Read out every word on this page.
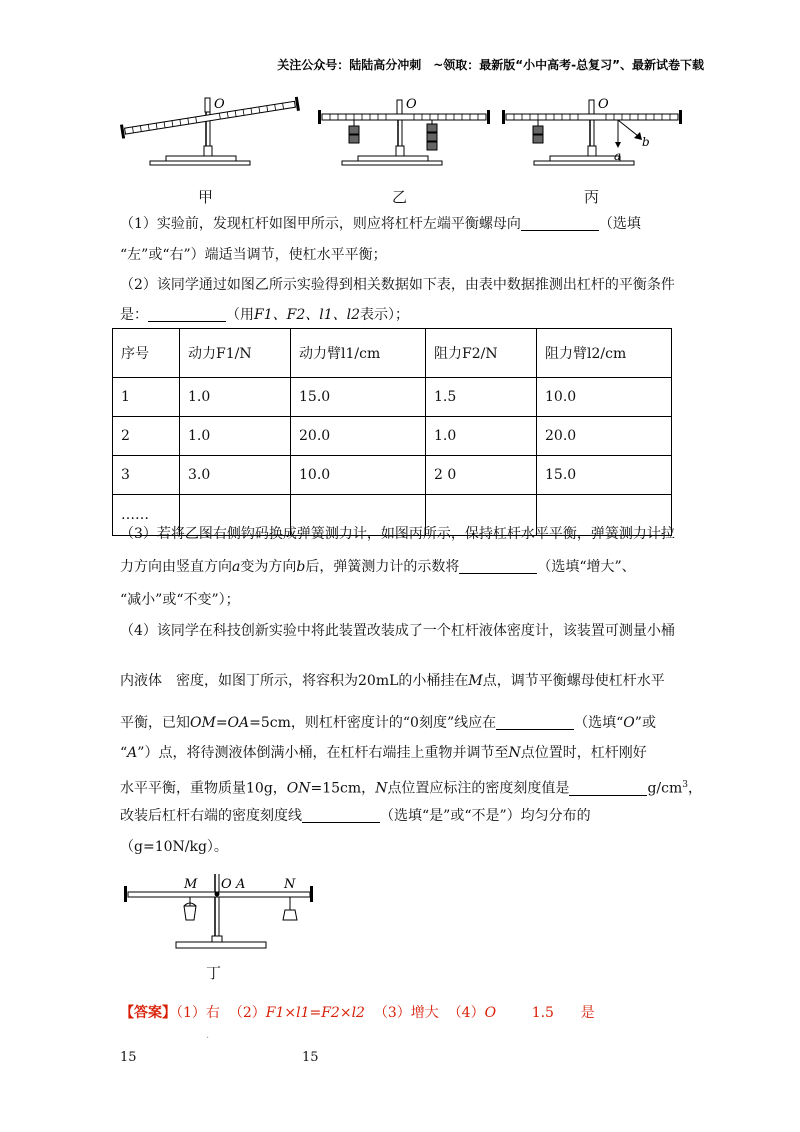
关注公众号：陆陆高分冲刺　~领取：最新版“小中高考-总复习”、最新试卷下载
O	O
a
b
O
甲	乙	丙
（1）实验前，发现杠杆如图甲所示，则应将杠杆左端平衡螺母向	（选填
“左”或“右”）端适当调节，使杠水平平衡；
（2）该同学通过如图乙所示实验得到相关数据如下表，由表中数据推测出杠杆的平衡条件
是：	（用F1、F2、l1、l2表示）；
序号	动力F1/N	动力臂l1/cm	阻力F2/N	阻力臂l2/cm
1	1.0	15.0	1.5	10.0
2	1.0	20.0	1.0	20.0
3	3.0	10.0	2 0	15.0
……				
（3）若将乙图右侧钩码换成弹簧测力计，如图丙所示，保持杠杆水平平衡，弹簧测力计拉
力方向由竖直方向a变为方向b后，弹簧测力计的示数将	（选填“增大”、
“减小”或“不变”）；
（4）该同学在科技创新实验中将此装置改装成了一个杠杆液体密度计，该装置可测量小桶
内液体　密度，如图丁所示，将容积为20mL的小桶挂在M点，调节平衡螺母使杠杆水平
平衡，已知OM=OA=5cm，则杠杆密度计的“0刻度”线应在	（选填“O”或
“A”）点，将待测液体倒满小桶，在杠杆右端挂上重物并调节至N点位置时，杠杆刚好
水平平衡，重物质量10g，ON=15cm，N点位置应标注的密度刻度值是	$g/cm^3$，
改装后杠杆右端的密度刻度线	（选填“是”或“不是”）均匀分布的
（g=10N/kg）。
M O A	N
丁
【答案】（1）右 （2）F1×l1=F2×l2 （3）增大 （4）O	1.5 是
.
15	15
